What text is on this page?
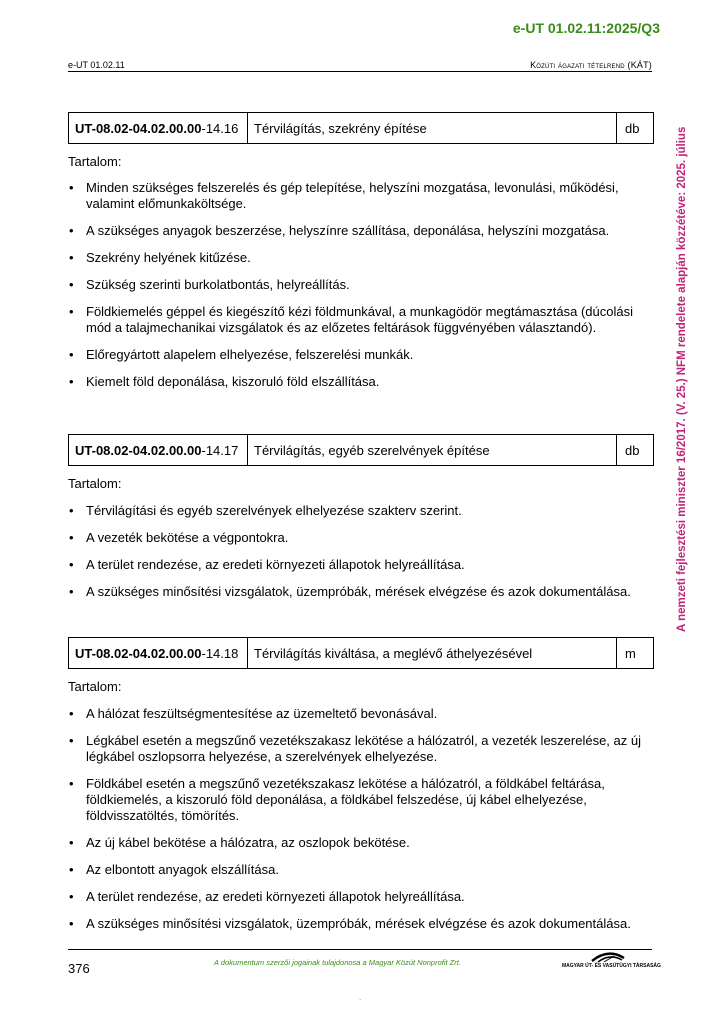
e-UT 01.02.11:2025/Q3
e-UT 01.02.11	Közúti ágazati tételrend (KÁT)
A nemzeti fejlesztési miniszter 16/2017. (V. 25.) NFM rendelete alapján közzétéve: 2025. július
UT-08.02-04.02.00.00-14.16	Térvilágítás, szekrény építése	db
Tartalom:
• Minden szükséges felszerelés és gép telepítése, helyszíni mozgatása, levonulási, működési, valamint előmunkaköltsége.
• A szükséges anyagok beszerzése, helyszínre szállítása, deponálása, helyszíni mozgatása.
• Szekrény helyének kitűzése.
• Szükség szerinti burkolatbontás, helyreállítás.
• Földkiemelés géppel és kiegészítő kézi földmunkával, a munkagödör megtámasztása (dúcolási mód a talajmechanikai vizsgálatok és az előzetes feltárások függvényében választandó).
• Előregyártott alapelem elhelyezése, felszerelési munkák.
• Kiemelt föld deponálása, kiszoruló föld elszállítása.
UT-08.02-04.02.00.00-14.17	Térvilágítás, egyéb szerelvények építése	db
Tartalom:
• Térvilágítási és egyéb szerelvények elhelyezése szakterv szerint.
• A vezeték bekötése a végpontokra.
• A terület rendezése, az eredeti környezeti állapotok helyreállítása.
• A szükséges minősítési vizsgálatok, üzempróbák, mérések elvégzése és azok dokumentálása.
UT-08.02-04.02.00.00-14.18	Térvilágítás kiváltása, a meglévő áthelyezésével	m
Tartalom:
• A hálózat feszültségmentesítése az üzemeltető bevonásával.
• Légkábel esetén a megszűnő vezetékszakasz lekötése a hálózatról, a vezeték leszerelése, az új légkábel oszlopsorra helyezése, a szerelvények elhelyezése.
• Földkábel esetén a megszűnő vezetékszakasz lekötése a hálózatról, a földkábel feltárása, földkiemelés, a kiszoruló föld deponálása, a földkábel felszedése, új kábel elhelyezése, földvisszatöltés, tömörítés.
• Az új kábel bekötése a hálózatra, az oszlopok bekötése.
• Az elbontott anyagok elszállítása.
• A terület rendezése, az eredeti környezeti állapotok helyreállítása.
• A szükséges minősítési vizsgálatok, üzempróbák, mérések elvégzése és azok dokumentálása.
376	A dokumentum szerzői jogainak tulajdonosa a Magyar Közút Nonprofit Zrt.	MAGYAR ÚT- ÉS VASÚTÜGYI TÁRSASÁG
.
